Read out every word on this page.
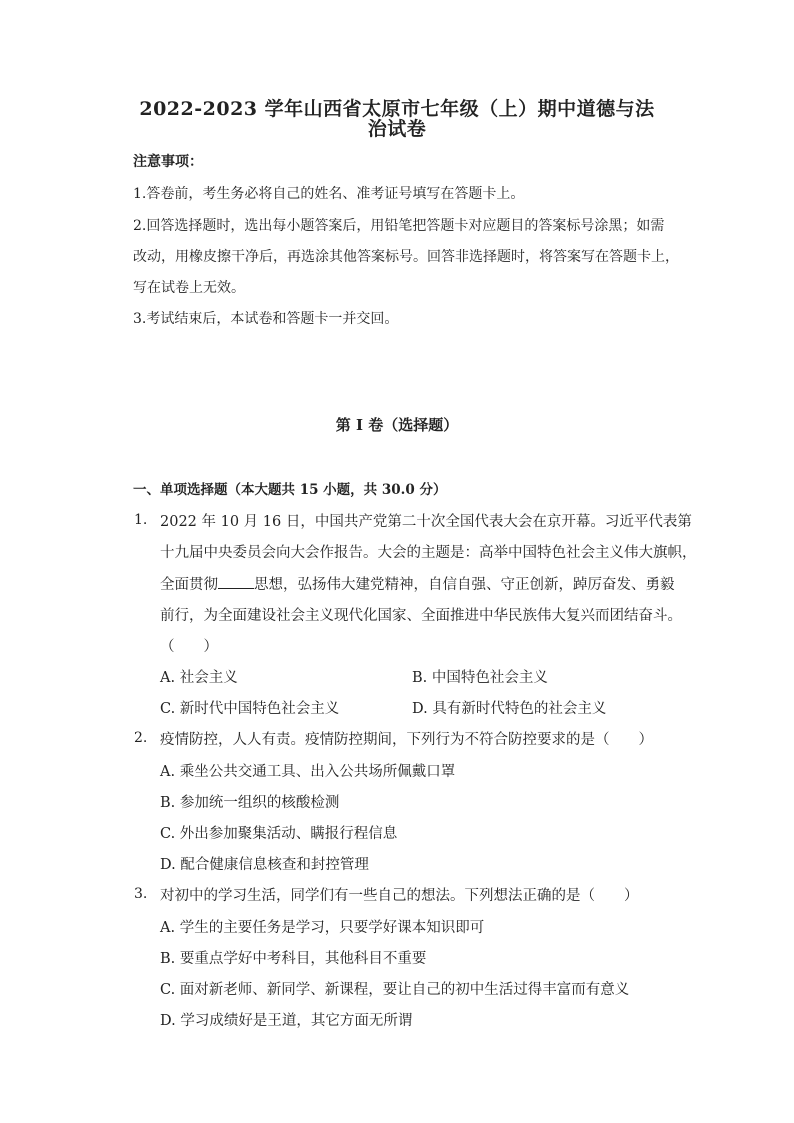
2022-2023 学年山西省太原市七年级（上）期中道德与法
治试卷
注意事项：
1.答卷前，考生务必将自己的姓名、准考证号填写在答题卡上。
2.回答选择题时，选出每小题答案后，用铅笔把答题卡对应题目的答案标号涂黑；如需
改动，用橡皮擦干净后，再选涂其他答案标号。回答非选择题时，将答案写在答题卡上，
写在试卷上无效。
3.考试结束后，本试卷和答题卡一并交回。
第 I 卷（选择题）
一、单项选择题（本大题共 15 小题，共 30.0 分）
1. 2022 年 10 月 16 日，中国共产党第二十次全国代表大会在京开幕。习近平代表第
十九届中央委员会向大会作报告。大会的主题是：高举中国特色社会主义伟大旗帜，
全面贯彻 思想，弘扬伟大建党精神，自信自强、守正创新，踔厉奋发、勇毅
前行，为全面建设社会主义现代化国家、全面推进中华民族伟大复兴而团结奋斗。
（　　）
A. 社会主义	B. 中国特色社会主义
C. 新时代中国特色社会主义	D. 具有新时代特色的社会主义
2. 疫情防控，人人有责。疫情防控期间，下列行为不符合防控要求的是（　　）
A. 乘坐公共交通工具、出入公共场所佩戴口罩
B. 参加统一组织的核酸检测
C. 外出参加聚集活动、瞒报行程信息
D. 配合健康信息核查和封控管理
3. 对初中的学习生活，同学们有一些自己的想法。下列想法正确的是（　　）
A. 学生的主要任务是学习，只要学好课本知识即可
B. 要重点学好中考科目，其他科目不重要
C. 面对新老师、新同学、新课程，要让自己的初中生活过得丰富而有意义
D. 学习成绩好是王道，其它方面无所谓
